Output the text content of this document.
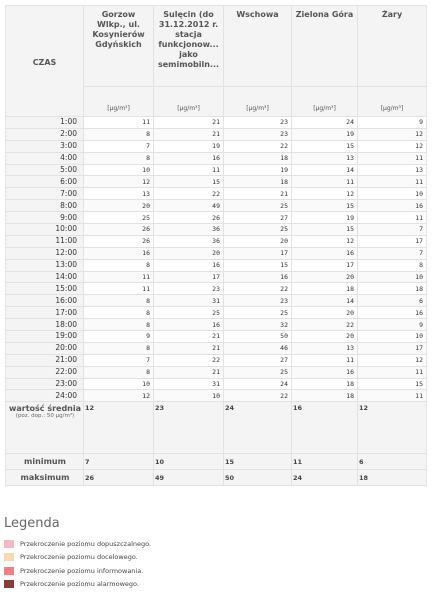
CZAS	Gorzow Wlkp., ul. Kosynierów Gdyńskich	Sulęcin (do 31.12.2012 r. stacja funkcjonow... jako semimobiln...	Wschowa	Zielona Góra	Żary

	[μg/m³]	[μg/m³]	[μg/m³]	[μg/m³]	[μg/m³]
1:00	11	21	23	24	9
2:00	8	21	23	19	12
3:00	7	19	22	15	12
4:00	8	16	18	13	11
5:00	10	11	19	14	13
6:00	12	15	18	11	11
7:00	13	22	21	12	10
8:00	20	49	25	15	16
9:00	25	26	27	19	11
10:00	26	36	25	15	7
11:00	26	36	20	12	17
12:00	16	20	17	16	7
13:00	8	16	15	17	8
14:00	11	17	16	20	10
15:00	11	23	22	18	18
16:00	8	31	23	14	6
17:00	8	25	25	20	16
18:00	8	16	32	22	9
19:00	9	21	50	20	10
20:00	8	21	46	13	17
21:00	7	22	27	11	12
22:00	8	21	25	16	11
23:00	10	31	24	18	15
24:00	12	10	22	18	11

wartość średnia
(poz. dop.: 50 μg/m³)	12	23	24	16	12
minimum	7	10	15	11	6
maksimum	26	49	50	24	18
Legenda
Przekroczenie poziomu dopuszczalnego.
Przekroczenie poziomu docelowego.
Przekroczenie poziomu informowania.
Przekroczenie poziomu alarmowego.
